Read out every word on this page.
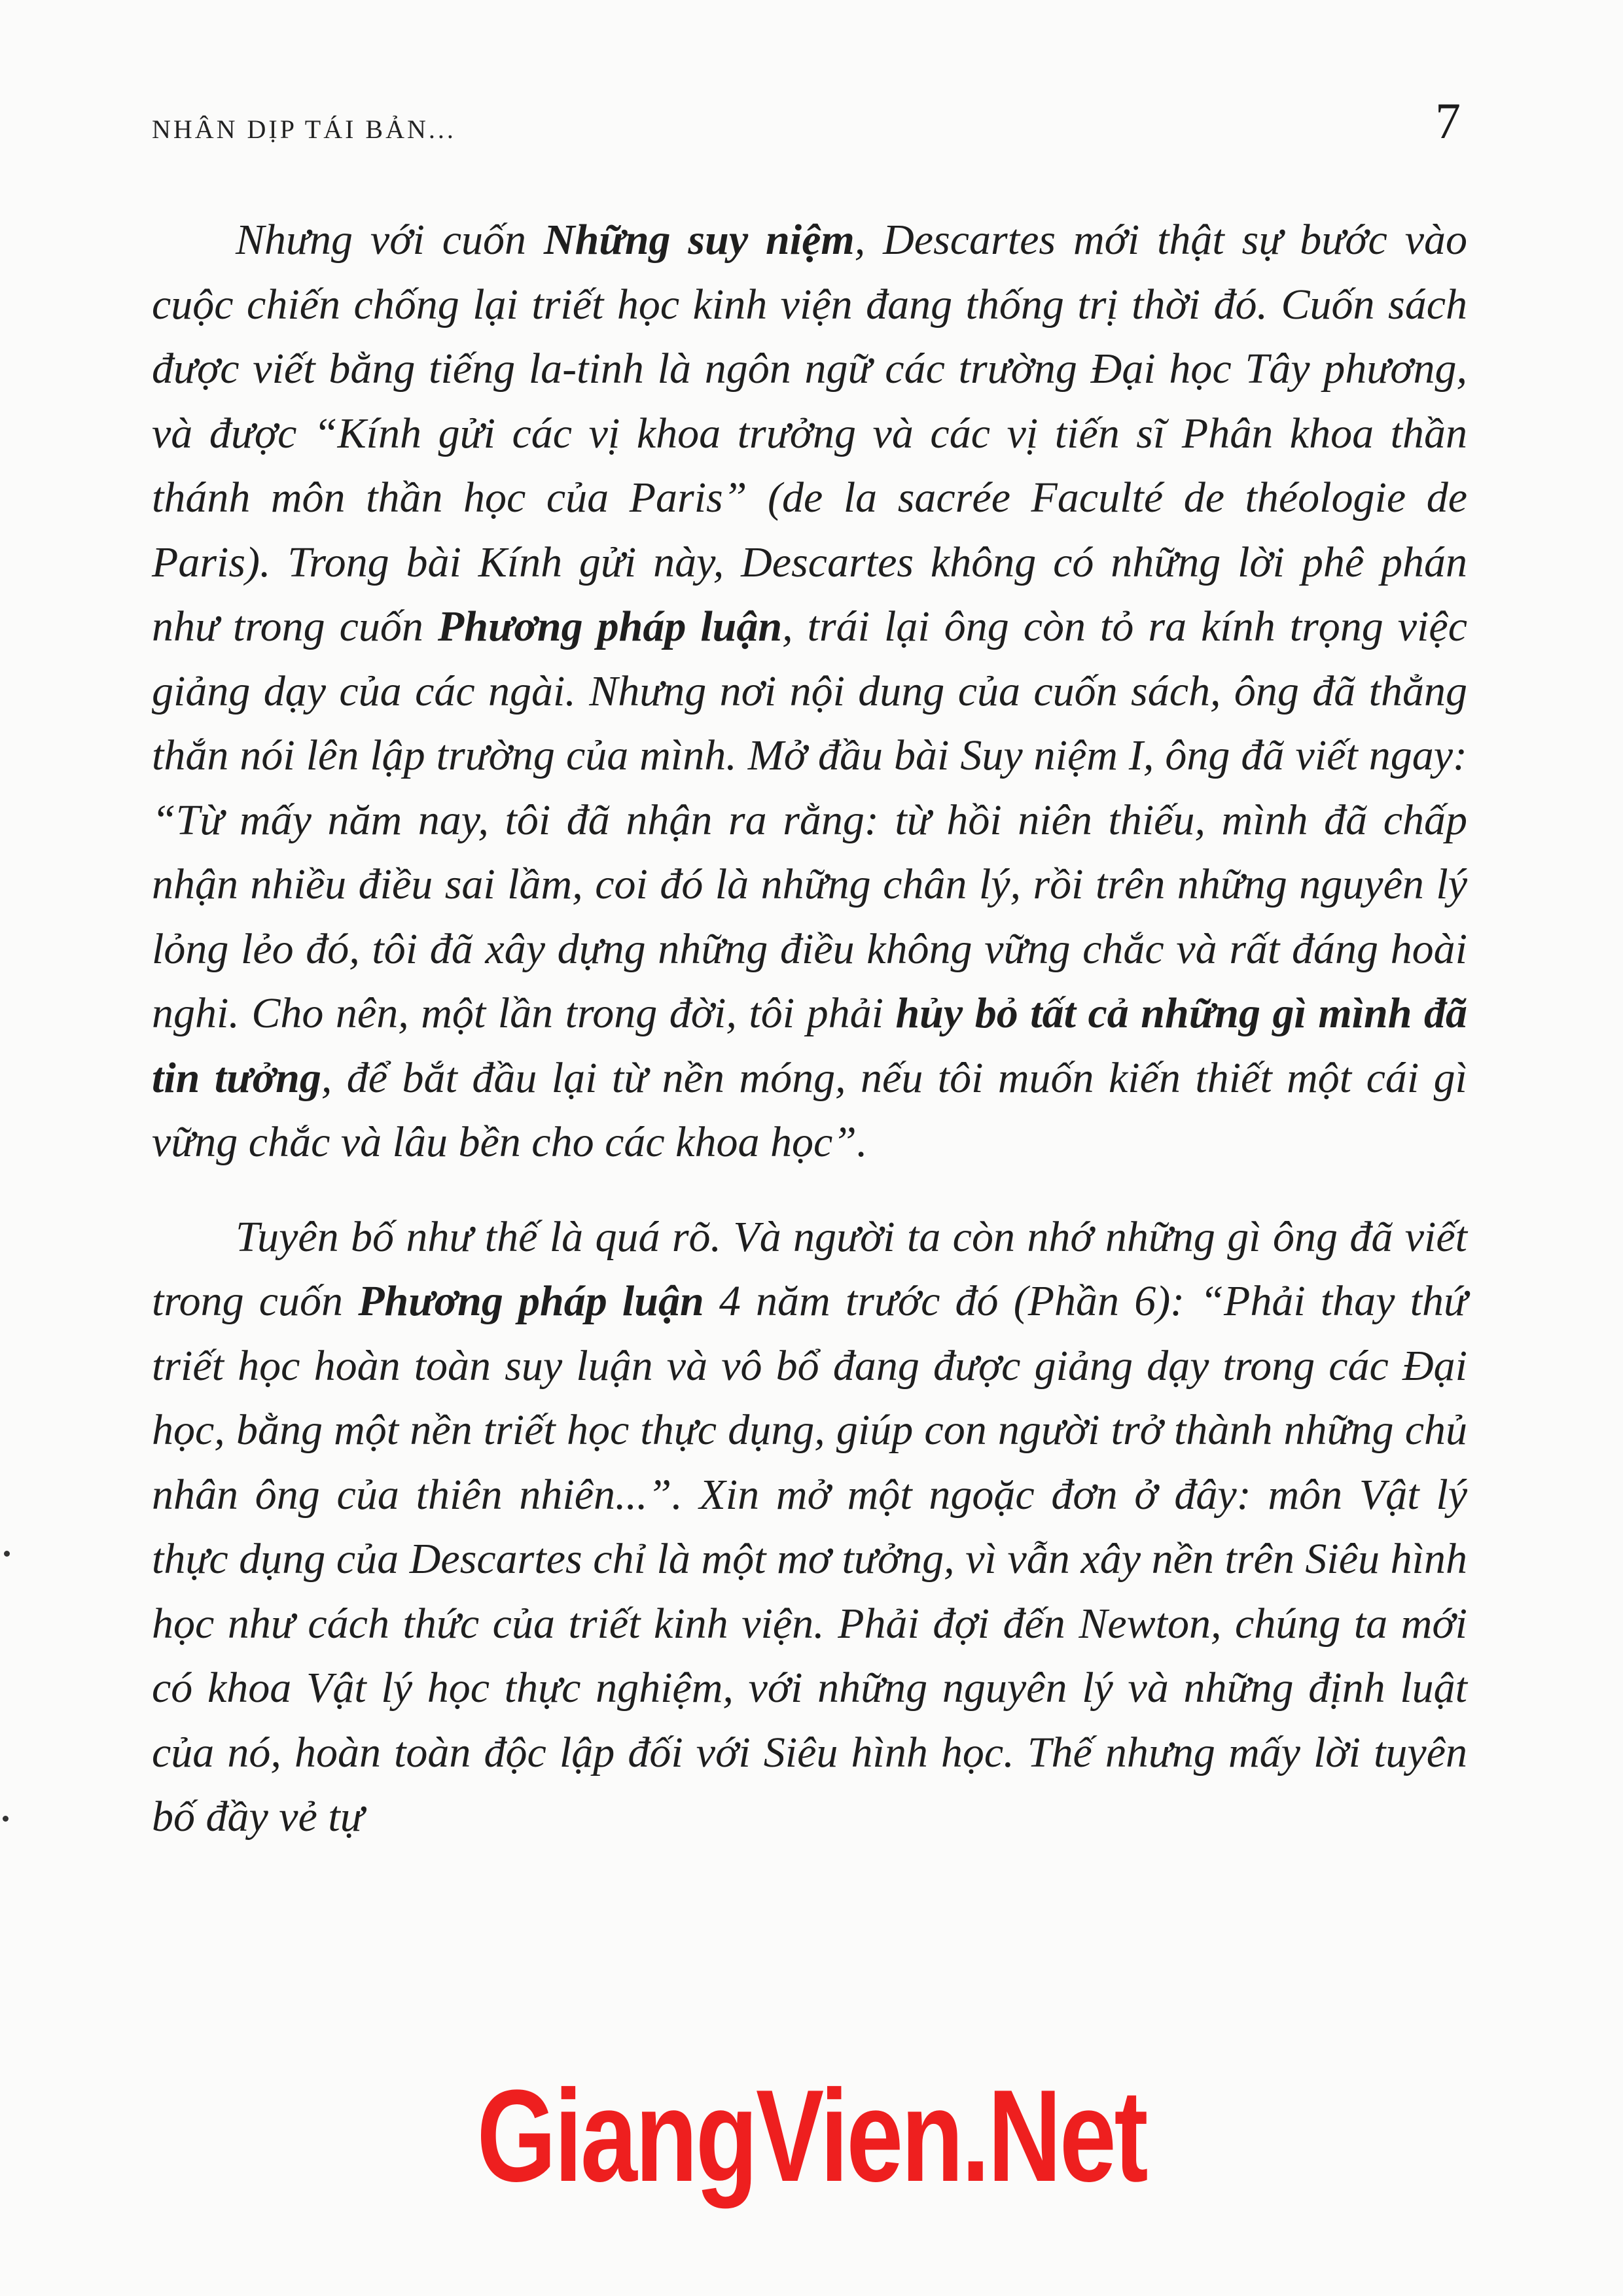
NHÂN DỊP TÁI BẢN...	7

Nhưng với cuốn Những suy niệm, Descartes mới thật sự bước vào cuộc chiến chống lại triết học kinh viện đang thống trị thời đó. Cuốn sách được viết bằng tiếng la-tinh là ngôn ngữ các trường Đại học Tây phương, và được “Kính gửi các vị khoa trưởng và các vị tiến sĩ Phân khoa thần thánh môn thần học của Paris” (de la sacrée Faculté de théologie de Paris). Trong bài Kính gửi này, Descartes không có những lời phê phán như trong cuốn Phương pháp luận, trái lại ông còn tỏ ra kính trọng việc giảng dạy của các ngài. Nhưng nơi nội dung của cuốn sách, ông đã thẳng thắn nói lên lập trường của mình. Mở đầu bài Suy niệm I, ông đã viết ngay: “Từ mấy năm nay, tôi đã nhận ra rằng: từ hồi niên thiếu, mình đã chấp nhận nhiều điều sai lầm, coi đó là những chân lý, rồi trên những nguyên lý lỏng lẻo đó, tôi đã xây dựng những điều không vững chắc và rất đáng hoài nghi. Cho nên, một lần trong đời, tôi phải hủy bỏ tất cả những gì mình đã tin tưởng, để bắt đầu lại từ nền móng, nếu tôi muốn kiến thiết một cái gì vững chắc và lâu bền cho các khoa học”.

Tuyên bố như thế là quá rõ. Và người ta còn nhớ những gì ông đã viết trong cuốn Phương pháp luận 4 năm trước đó (Phần 6): “Phải thay thứ triết học hoàn toàn suy luận và vô bổ đang được giảng dạy trong các Đại học, bằng một nền triết học thực dụng, giúp con người trở thành những chủ nhân ông của thiên nhiên...”. Xin mở một ngoặc đơn ở đây: môn Vật lý thực dụng của Descartes chỉ là một mơ tưởng, vì vẫn xây nền trên Siêu hình học như cách thức của triết kinh viện. Phải đợi đến Newton, chúng ta mới có khoa Vật lý học thực nghiệm, với những nguyên lý và những định luật của nó, hoàn toàn độc lập đối với Siêu hình học. Thế nhưng mấy lời tuyên bố đầy vẻ tự

GiangVien.Net
